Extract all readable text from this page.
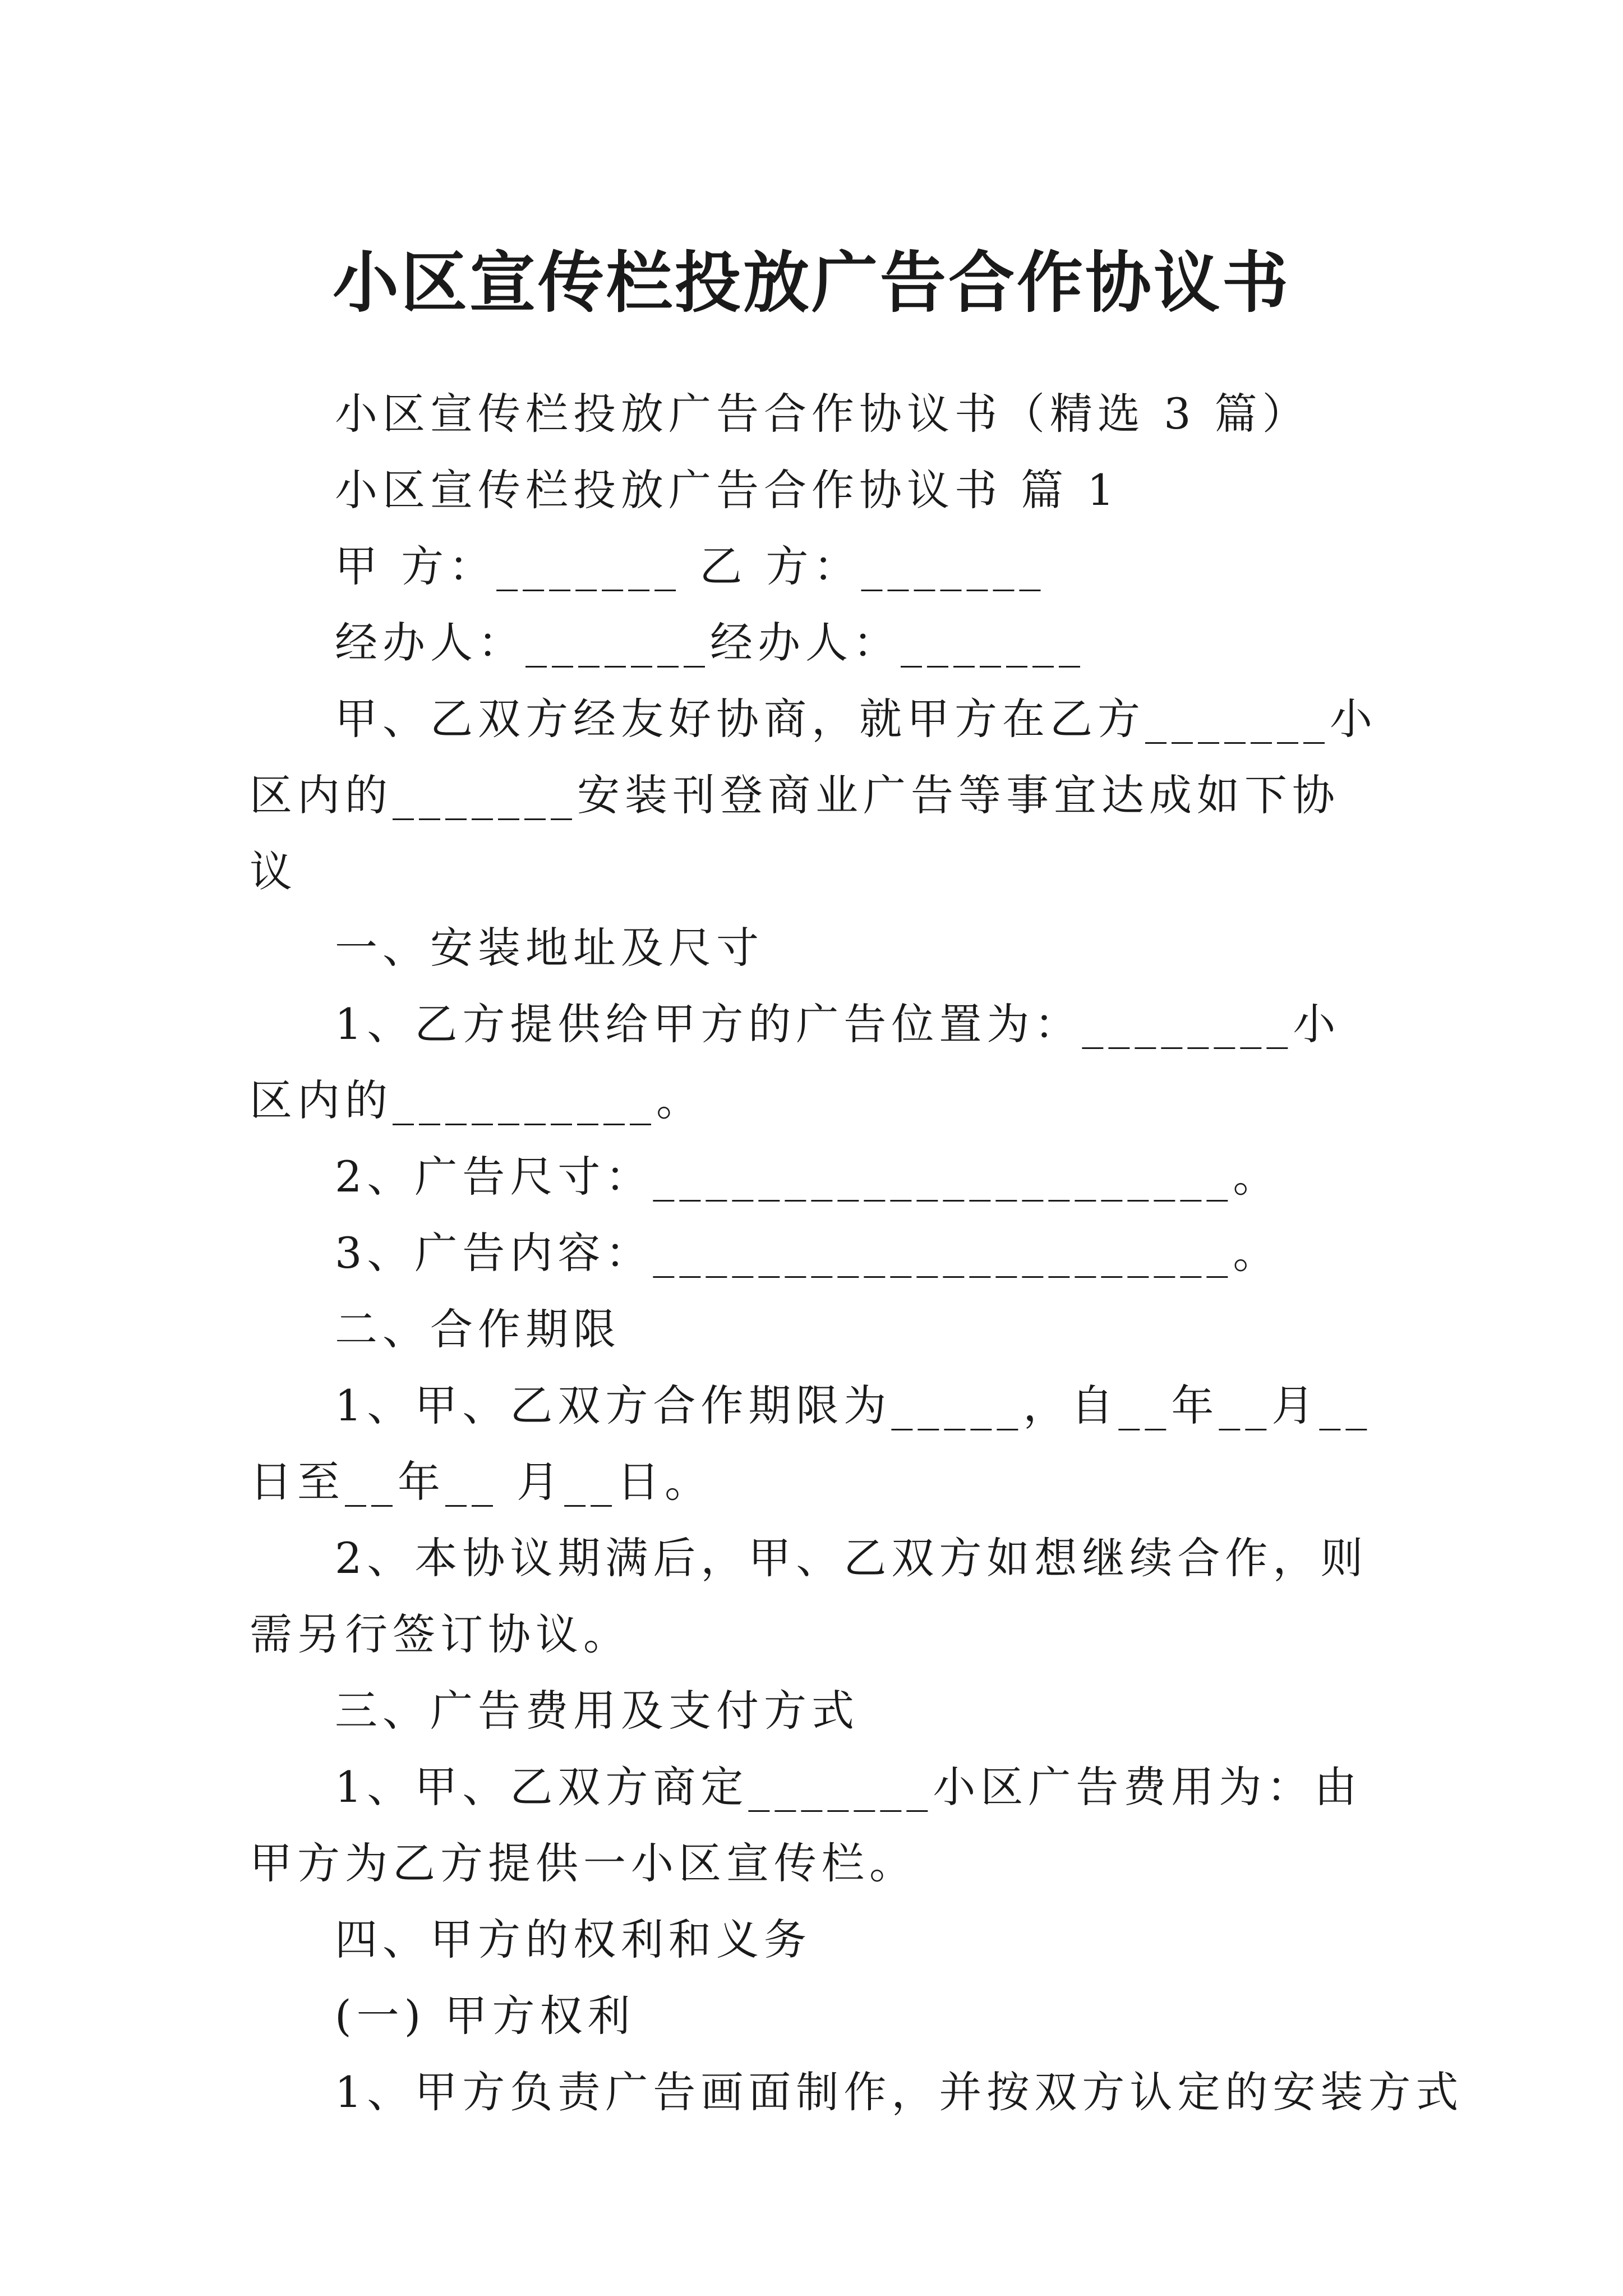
小区宣传栏投放广告合作协议书

小区宣传栏投放广告合作协议书（精选 3 篇）

小区宣传栏投放广告合作协议书 篇 1

甲 方：_______ 乙 方：_______

经办人：_______经办人：_______

甲、乙双方经友好协商，就甲方在乙方_______小区内的_______安装刊登商业广告等事宜达成如下协议

一、安装地址及尺寸

1、乙方提供给甲方的广告位置为：________小区内的__________。

2、广告尺寸：______________________。

3、广告内容：______________________。

二、合作期限

1、甲、乙双方合作期限为_____，自__年__月__日至__年__ 月__日。

2、本协议期满后，甲、乙双方如想继续合作，则需另行签订协议。

三、广告费用及支付方式

1、甲、乙双方商定_______小区广告费用为：由甲方为乙方提供一小区宣传栏。

四、甲方的权利和义务

(一) 甲方权利

1、甲方负责广告画面制作，并按双方认定的安装方式
